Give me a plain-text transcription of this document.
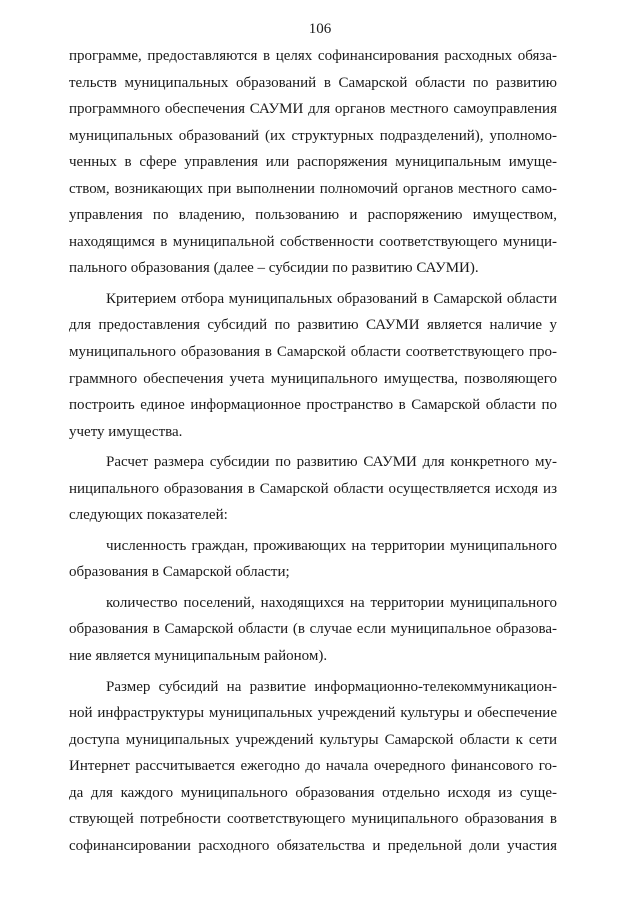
106
программе, предоставляются в целях софинансирования расходных обяза-
тельств муниципальных образований в Самарской области по развитию
программного обеспечения САУМИ для органов местного самоуправления
муниципальных образований (их структурных подразделений), уполномо-
ченных в сфере управления или распоряжения муниципальным имуще-
ством, возникающих при выполнении полномочий органов местного само-
управления по владению, пользованию и распоряжению имуществом,
находящимся в муниципальной собственности соответствующего муници-
пального образования (далее – субсидии по развитию САУМИ).
Критерием отбора муниципальных образований в Самарской области
для предоставления субсидий по развитию САУМИ является наличие у
муниципального образования в Самарской области соответствующего про-
граммного обеспечения учета муниципального имущества, позволяющего
построить единое информационное пространство в Самарской области по
учету имущества.
Расчет размера субсидии по развитию САУМИ для конкретного му-
ниципального образования в Самарской области осуществляется исходя из
следующих показателей:
численность граждан, проживающих на территории муниципального
образования в Самарской области;
количество поселений, находящихся на территории муниципального
образования в Самарской области (в случае если муниципальное образова-
ние является муниципальным районом).
Размер субсидий на развитие информационно-телекоммуникацион-
ной инфраструктуры муниципальных учреждений культуры и обеспечение
доступа муниципальных учреждений культуры Самарской области к сети
Интернет рассчитывается ежегодно до начала очередного финансового го-
да для каждого муниципального образования отдельно исходя из суще-
ствующей потребности соответствующего муниципального образования в
софинансировании расходного обязательства и предельной доли участия
